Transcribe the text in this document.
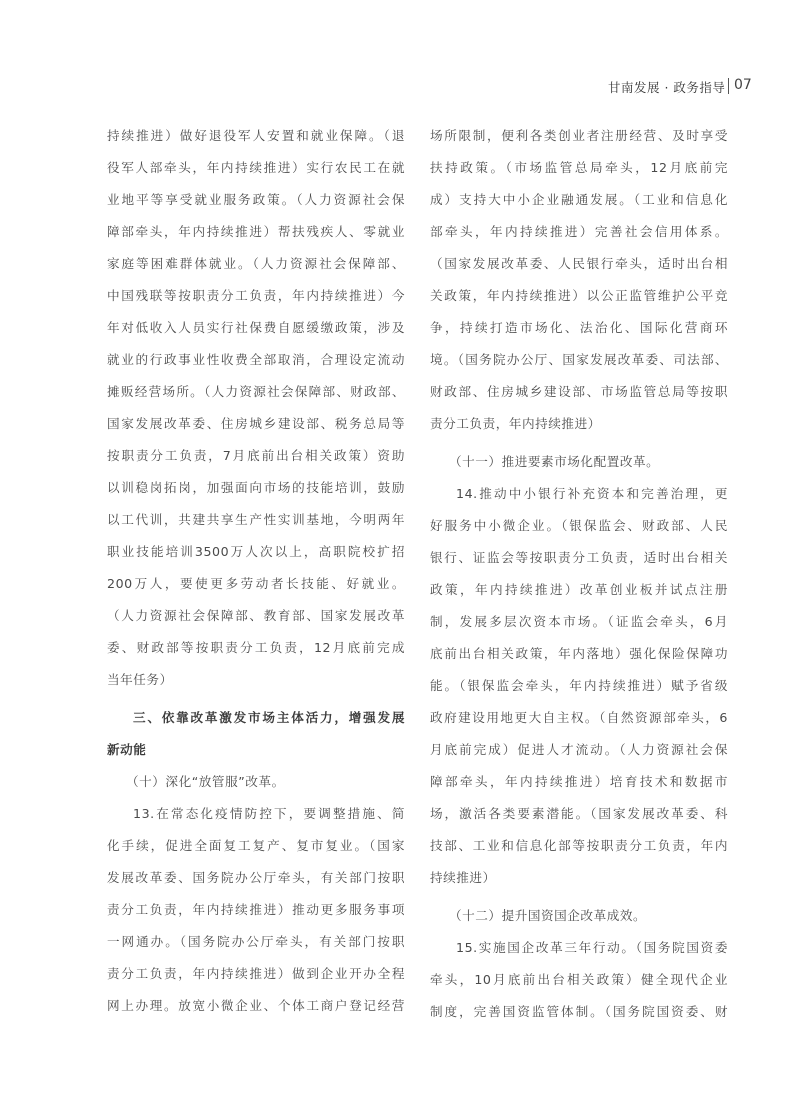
甘南发展 · 政务指导 07
持续推进）做好退役军人安置和就业保障。（退
役军人部牵头，年内持续推进）实行农民工在就
业地平等享受就业服务政策。（人力资源社会保
障部牵头，年内持续推进）帮扶残疾人、零就业
家庭等困难群体就业。（人力资源社会保障部、
中国残联等按职责分工负责，年内持续推进）今
年对低收入人员实行社保费自愿缓缴政策，涉及
就业的行政事业性收费全部取消，合理设定流动
摊贩经营场所。（人力资源社会保障部、财政部、
国家发展改革委、住房城乡建设部、税务总局等
按职责分工负责，7月底前出台相关政策）资助
以训稳岗拓岗，加强面向市场的技能培训，鼓励
以工代训，共建共享生产性实训基地，今明两年
职业技能培训3500万人次以上，高职院校扩招
200万人，要使更多劳动者长技能、好就业。
（人力资源社会保障部、教育部、国家发展改革
委、财政部等按职责分工负责，12月底前完成
当年任务）
三、依靠改革激发市场主体活力，增强发展
新动能
（十）深化“放管服”改革。
13.在常态化疫情防控下，要调整措施、简
化手续，促进全面复工复产、复市复业。（国家
发展改革委、国务院办公厅牵头，有关部门按职
责分工负责，年内持续推进）推动更多服务事项
一网通办。（国务院办公厅牵头，有关部门按职
责分工负责，年内持续推进）做到企业开办全程
网上办理。放宽小微企业、个体工商户登记经营
场所限制，便利各类创业者注册经营、及时享受
扶持政策。（市场监管总局牵头，12月底前完
成）支持大中小企业融通发展。（工业和信息化
部牵头，年内持续推进）完善社会信用体系。
（国家发展改革委、人民银行牵头，适时出台相
关政策，年内持续推进）以公正监管维护公平竞
争，持续打造市场化、法治化、国际化营商环
境。（国务院办公厅、国家发展改革委、司法部、
财政部、住房城乡建设部、市场监管总局等按职
责分工负责，年内持续推进）
（十一）推进要素市场化配置改革。
14.推动中小银行补充资本和完善治理，更
好服务中小微企业。（银保监会、财政部、人民
银行、证监会等按职责分工负责，适时出台相关
政策，年内持续推进）改革创业板并试点注册
制，发展多层次资本市场。（证监会牵头，6月
底前出台相关政策，年内落地）强化保险保障功
能。（银保监会牵头，年内持续推进）赋予省级
政府建设用地更大自主权。（自然资源部牵头，6
月底前完成）促进人才流动。（人力资源社会保
障部牵头，年内持续推进）培育技术和数据市
场，激活各类要素潜能。（国家发展改革委、科
技部、工业和信息化部等按职责分工负责，年内
持续推进）
（十二）提升国资国企改革成效。
15.实施国企改革三年行动。（国务院国资委
牵头，10月底前出台相关政策）健全现代企业
制度，完善国资监管体制。（国务院国资委、财
